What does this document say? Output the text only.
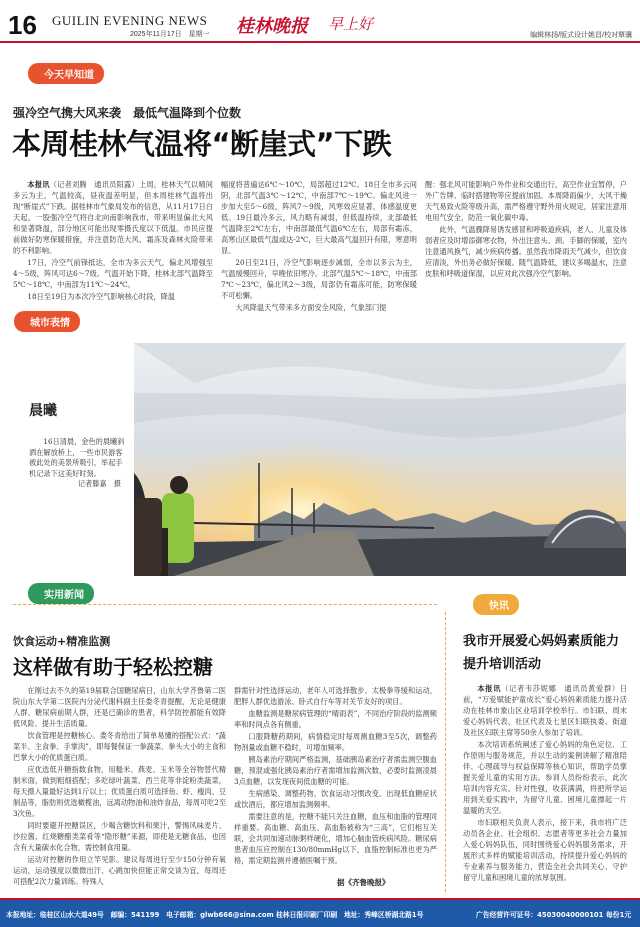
16 GUILIN EVENING NEWS
2025年11月17日　星期一 桂林晚报 早上好
编辑林扬/版式设计姚昌/校对覃骥
今天早知道
强冷空气携大风来袭　最低气温降到个位数
本周桂林气温将“断崖式”下跌

本报讯（记者刘腾　通讯员阳露）上周，桂林天气以晴间多云为主，气温较高，昼夜温差明显，但本周桂林气温将出现“断崖式”下跌。据桂林市气象局发布的信息，从11月17日白天起，一股强冷空气将自北向南影响我市，带来明显偏北大风和显著降温，部分地区可能出现零摄氏度以下低温。市民应提前做好防寒保暖措施，并注意防范大风、霜冻及森林火险带来的不利影响。

17日，冷空气前锋抵达，全市为多云天气，偏北风增强至4～5级，阵风可达6～7级。气温开始下降，桂林北部气温降至5℃～18℃，中南部为11℃～24℃。

18日至19日为本次冷空气影响核心时段，降温

幅度将普遍达6℃～10℃，局部超过12℃。18日全市多云间阴，北部气温3℃～12℃，中南部7℃～19℃。偏北风进一步加大至5～6级，阵风7～9级，风寒效应显著，体感温度更低。19日最冷多云，风力略有减弱，但低温持续，北部最低气温降至2℃左右，中南部最低气温6℃左右，局部有霜冻，高寒山区最低气温或达-2℃，巨大最高气温回升有限，寒意明显。

20日至21日，冷空气影响逐步减弱，全市以多云为主，气温缓慢回升，早晚依旧寒冷。北部气温5℃～18℃，中南部7℃～23℃，偏北风2～3级，局部仍有霜冻可能，防寒保暖不可松懈。

大风降温天气带来多方面安全风险，气象部门提

醒：强北风可能影响户外作业和交通出行，高空作业宜暂停，户外广告牌、临时搭建物等应提前加固。本周降雨偏少，大风干燥天气易致火险等级升高，需严格遵守野外用火规定，居家注意用电用气安全，防范一氧化碳中毒。

此外，气温骤降易诱发感冒和呼吸道疾病，老人、儿童及体弱者应及时增添御寒衣物，外出注意头、颈、手脚的保暖，室内注意通风换气，减少疾病传播。虽然我市降雨天气减少，但饮食应清淡，外出务必做好保暖。随气温降低，建议多喝温水，注意皮肤和呼吸道保湿，以应对此次强冷空气影响。

城市表情
晨曦

16日清晨，金色的晨曦斜洒在解放桥上，一些市民游客被此处的美景所吸引，举起手机记录下这美好时刻。
记者滕嘉　摄

实用新闻
饮食运动+精准监测
这样做有助于轻松控糖

在刚过去不久的第19届联合国糖尿病日，山东大学齐鲁第二医院山东大学第二医院内分泌代谢科副主任娄冬青提醒，无论是健康人群、糖尿病前期人群，还是已确诊的患者，科学防控都能有效降低风险、提升生活质量。

饮食管理是控糖核心。娄冬青给出了简单易懂的搭配公式：“蔬菜半、主食拳、手掌肉”，即每餐保证一拳蔬菜、拳头大小的主食和巴掌大小的优质蛋白质。

应优选低升糖指数食物，用糙米、燕麦、玉米等全谷物替代精制米面，做到粗细搭配；多吃绿叶蔬菜、西兰花等非淀粉类蔬菜，每天摄入量最好达到1斤以上；优质蛋白质可选择鱼、虾、瘦肉、豆制品等，脂肪则优选橄榄油，远离动物油和油炸食品，每周可吃2至3次鱼。

同时要避开控糖误区，少喝含糖饮料和果汁，警惕风味麦片、沙拉酱、红烧糖醋类菜肴等“隐形糖”来源，即使是无糖食品，也因含有大量碳水化合物，需控制食用量。

运动对控糖的作用立竿见影。建议每周进行至少150分钟有氧运动，运动强度以微微出汗、心跳加快但能正常交谈为宜，每周还可搭配2次力量训练。特殊人

群需针对性选择运动，老年人可选择散步、太极拳等缓和运动，肥胖人群优选游泳、卧式自行车等对关节友好的项目。

血糖监测是糖尿病管理的“晴雨表”，不同治疗阶段的监测频率和时间点各有侧重。

口服降糖药期间，病情稳定时每周测血糖3至5次，调整药物剂量或血糖不稳时，可增加频率。

胰岛素治疗期间严格监测，基础胰岛素治疗者需监测空腹血糖，预混或强化胰岛素治疗者需增加监测次数，必要时监测凌晨3点血糖，以发现夜间低血糖的可能。

生病感染、调整药物、饮食运动习惯改变、出现低血糖症状或饮酒后，都应增加监测频率。

需要注意的是，控糖不能只关注血糖，血压和血脂的管理同样重要。高血糖、高血压、高血脂被称为“三高”，它们相互关联，会共同加速动脉粥样硬化，增加心脑血管疾病风险。糖尿病患者血压应控制在130/80mmHg以下，血脂控制标准也更为严格，需定期监测并遵循医嘱干预。

据《齐鲁晚报》
快讯
我市开展爱心妈妈素质能力
提升培训活动

本报讯（记者韦莎妮娜　通讯员黄爱群）日前，“万爱赋能护童成长”爱心妈妈素质能力提升活动在桂林市象山区业培训学校举行。市妇联、周末爱心妈妈代表、社区代表及七星区妇联执委、街道及社区妇联主席等50余人参加了培训。

本次培训系统阐述了爱心妈妈的角色定位、工作原则与服务规范，并以生动的案例讲解了精准陪伴、心理疏导与权益保障等核心知识，帮助学员掌握关爱儿童的实用方法。参训人员纷纷表示，此次培训内容充实、针对性强，收获满满，将把所学运用到关爱实践中，为留守儿童、困境儿童撑起一片温暖的天空。

市妇联相关负责人表示，接下来，我市将广泛动员各企业、社会组织、志愿者等更多社会力量加入爱心妈妈队伍，同时围绕爱心妈妈服务需求，开展形式多样的赋能培训活动，持续提升爱心妈妈的专业素养与服务能力，营造全社会共同关心、守护留守儿童和困境儿童的浓厚氛围。

本报地址：临桂区山水大道49号　邮编：541199　电子邮箱：glwb666@sina.com 桂林日报印刷厂印刷　地址：秀峰区桥湖北路1号	广告经营许可证号：45030040000101 每份1元
